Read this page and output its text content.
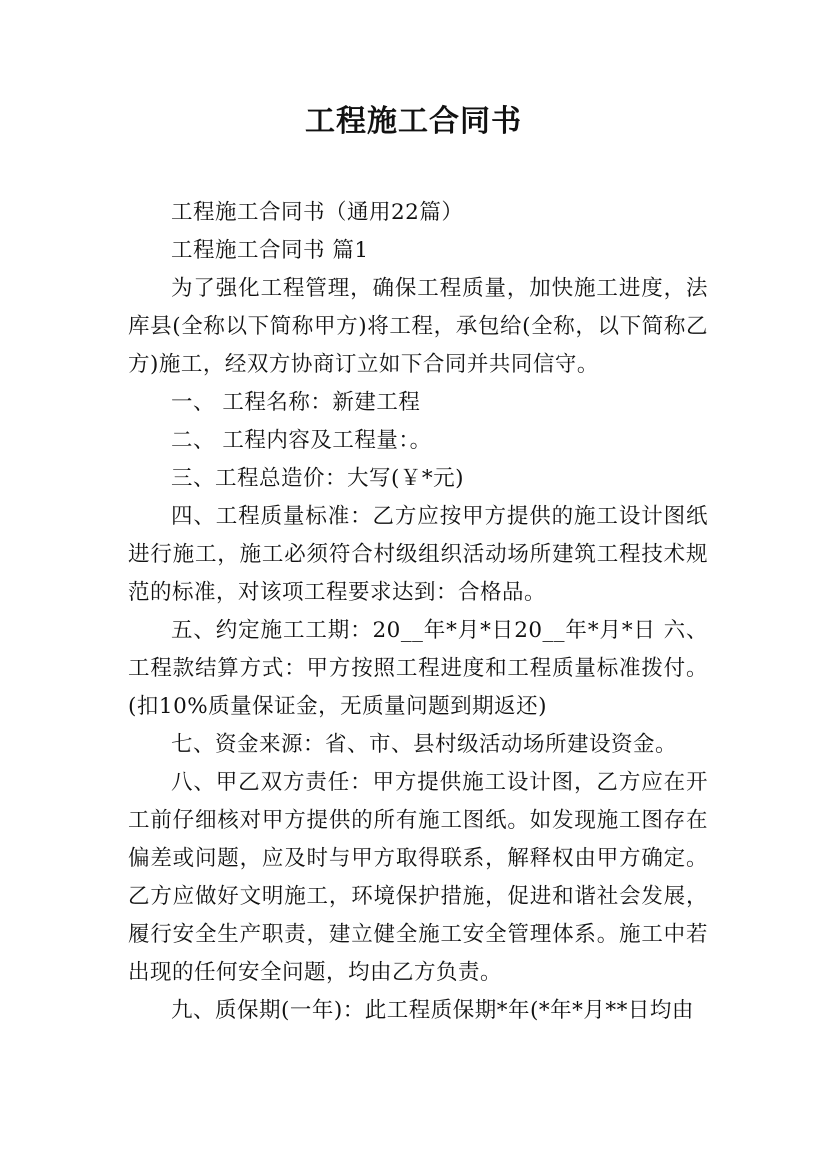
工程施工合同书

工程施工合同书（通用22篇）

工程施工合同书 篇1

为了强化工程管理，确保工程质量，加快施工进度，法库县(全称以下简称甲方)将工程，承包给(全称，以下简称乙方)施工，经双方协商订立如下合同并共同信守。

一、 工程名称：新建工程

二、 工程内容及工程量：。

三、工程总造价：大写(￥*元)

四、工程质量标准：乙方应按甲方提供的施工设计图纸进行施工，施工必须符合村级组织活动场所建筑工程技术规范的标准，对该项工程要求达到：合格品。

五、约定施工工期：20__年*月*日20__年*月*日 六、工程款结算方式：甲方按照工程进度和工程质量标准拨付。(扣10%质量保证金，无质量问题到期返还)

七、资金来源：省、市、县村级活动场所建设资金。

八、甲乙双方责任：甲方提供施工设计图，乙方应在开工前仔细核对甲方提供的所有施工图纸。如发现施工图存在偏差或问题，应及时与甲方取得联系，解释权由甲方确定。乙方应做好文明施工，环境保护措施，促进和谐社会发展，履行安全生产职责，建立健全施工安全管理体系。施工中若出现的任何安全问题，均由乙方负责。

九、质保期(一年)：此工程质保期*年(*年*月**日均由
